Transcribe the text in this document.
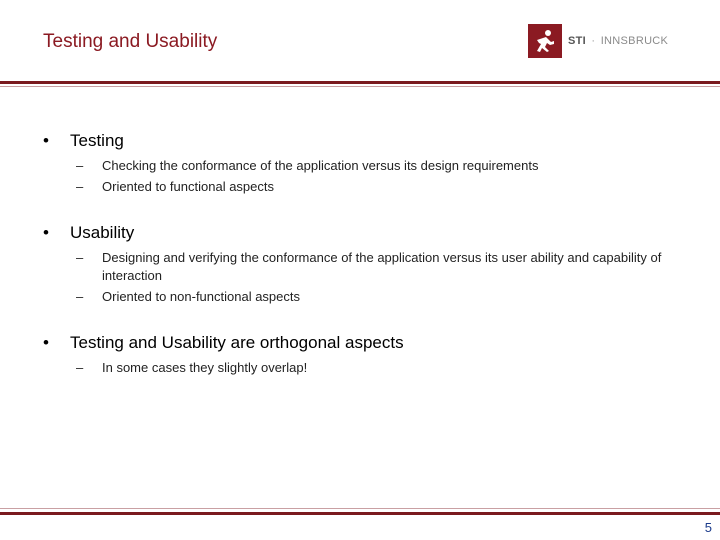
Testing and Usability	STI · INNSBRUCK
• Testing
– Checking the conformance of the application versus its design requirements
– Oriented to functional aspects
• Usability
– Designing and verifying the conformance of the application versus its user ability and capability of interaction
– Oriented to non-functional aspects
• Testing and Usability are orthogonal aspects
– In some cases they slightly overlap!
5
